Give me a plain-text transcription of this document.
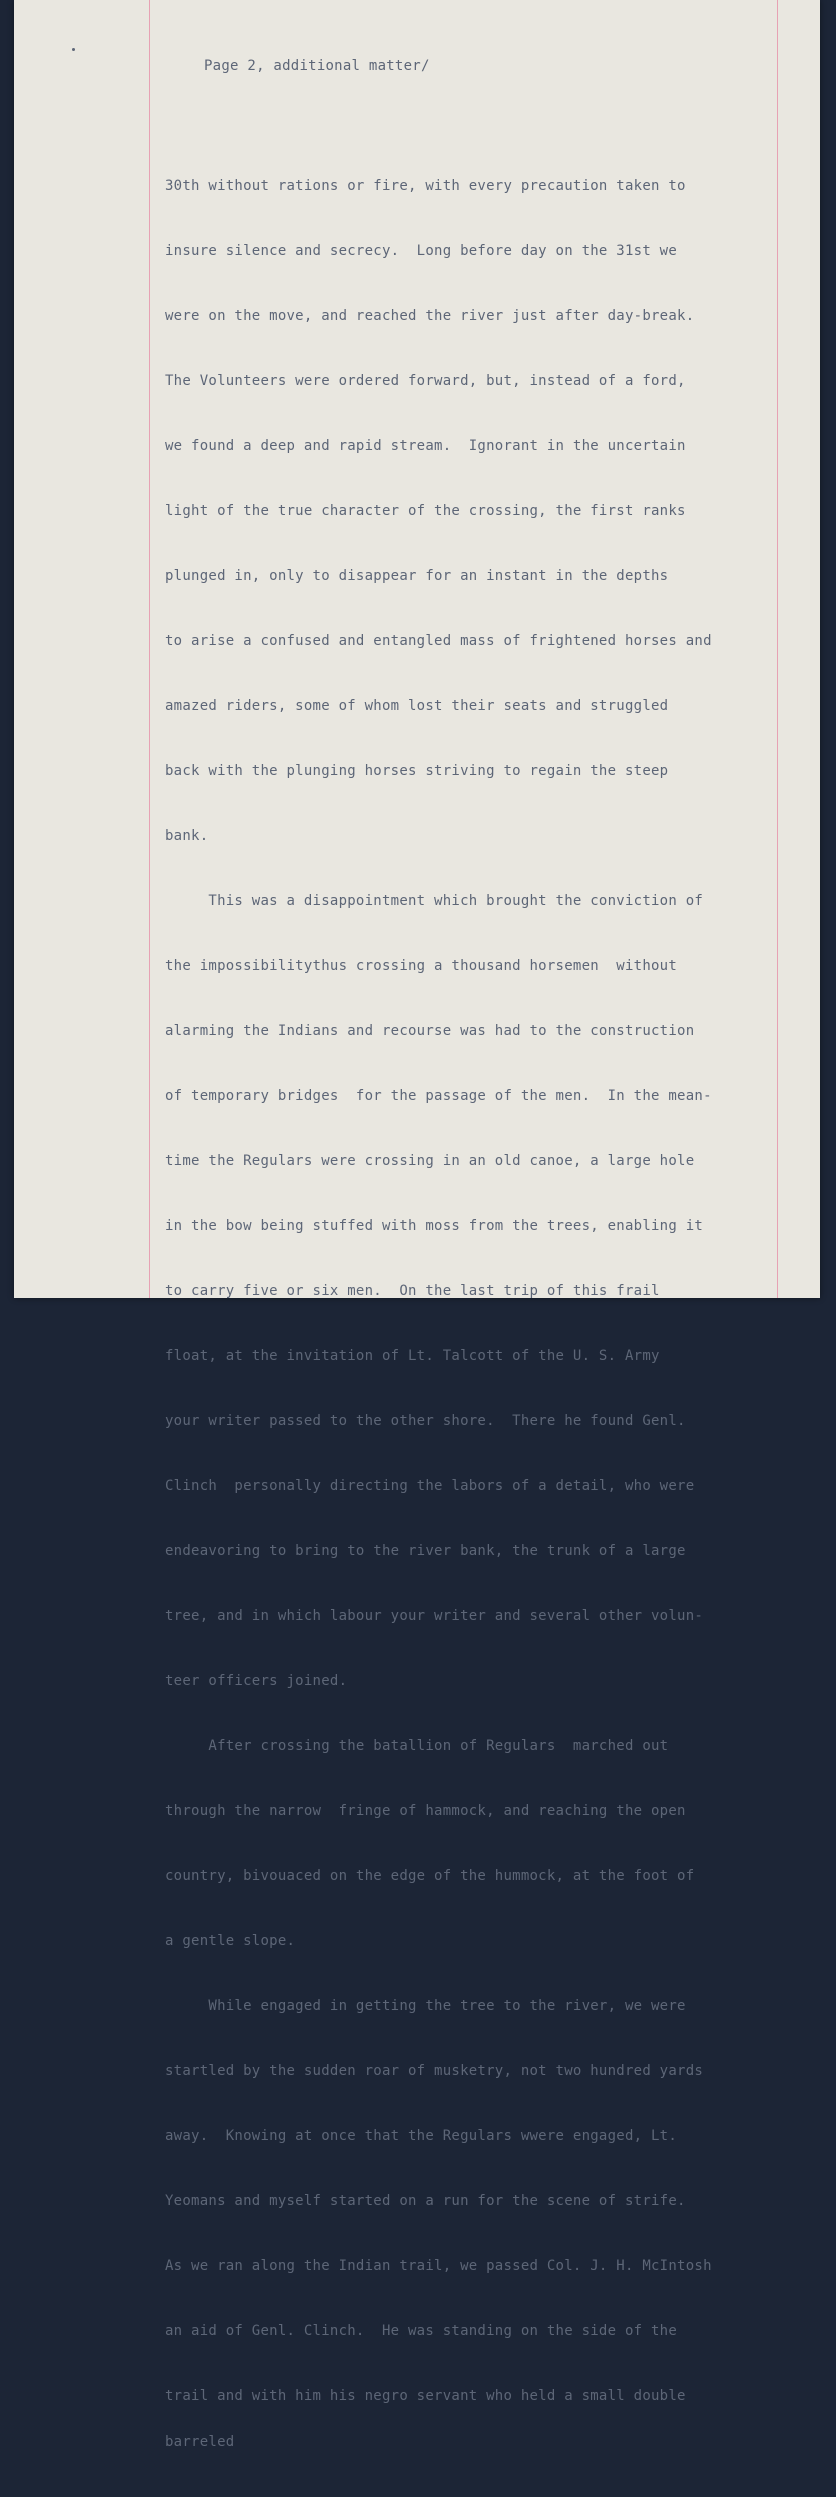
Page 2, additional matter/

30th without rations or fire, with every precaution taken to

insure silence and secrecy.  Long before day on the 31st we

were on the move, and reached the river just after day-break.

The Volunteers were ordered forward, but, instead of a ford,

we found a deep and rapid stream.  Ignorant in the uncertain

light of the true character of the crossing, the first ranks

plunged in, only to disappear for an instant in the depths

to arise a confused and entangled mass of frightened horses and

amazed riders, some of whom lost their seats and struggled

back with the plunging horses striving to regain the steep

bank.

This was a disappointment which brought the conviction of

the impossibilitythus crossing a thousand horsemen  without

alarming the Indians and recourse was had to the construction

of temporary bridges  for the passage of the men.  In the mean-

time the Regulars were crossing in an old canoe, a large hole

in the bow being stuffed with moss from the trees, enabling it

to carry five or six men.  On the last trip of this frail

float, at the invitation of Lt. Talcott of the U. S. Army

your writer passed to the other shore.  There he found Genl.

Clinch  personally directing the labors of a detail, who were

endeavoring to bring to the river bank, the trunk of a large

tree, and in which labour your writer and several other volun-

teer officers joined.

After crossing the batallion of Regulars  marched out

through the narrow  fringe of hammock, and reaching the open

country, bivouaced on the edge of the hummock, at the foot of

a gentle slope.

While engaged in getting the tree to the river, we were

startled by the sudden roar of musketry, not two hundred yards

away.  Knowing at once that the Regulars wwere engaged, Lt.

Yeomans and myself started on a run for the scene of strife.

As we ran along the Indian trail, we passed Col. J. H. McIntosh

an aid of Genl. Clinch.  He was standing on the side of the

trail and with him his negro servant who held a small double

barreled
